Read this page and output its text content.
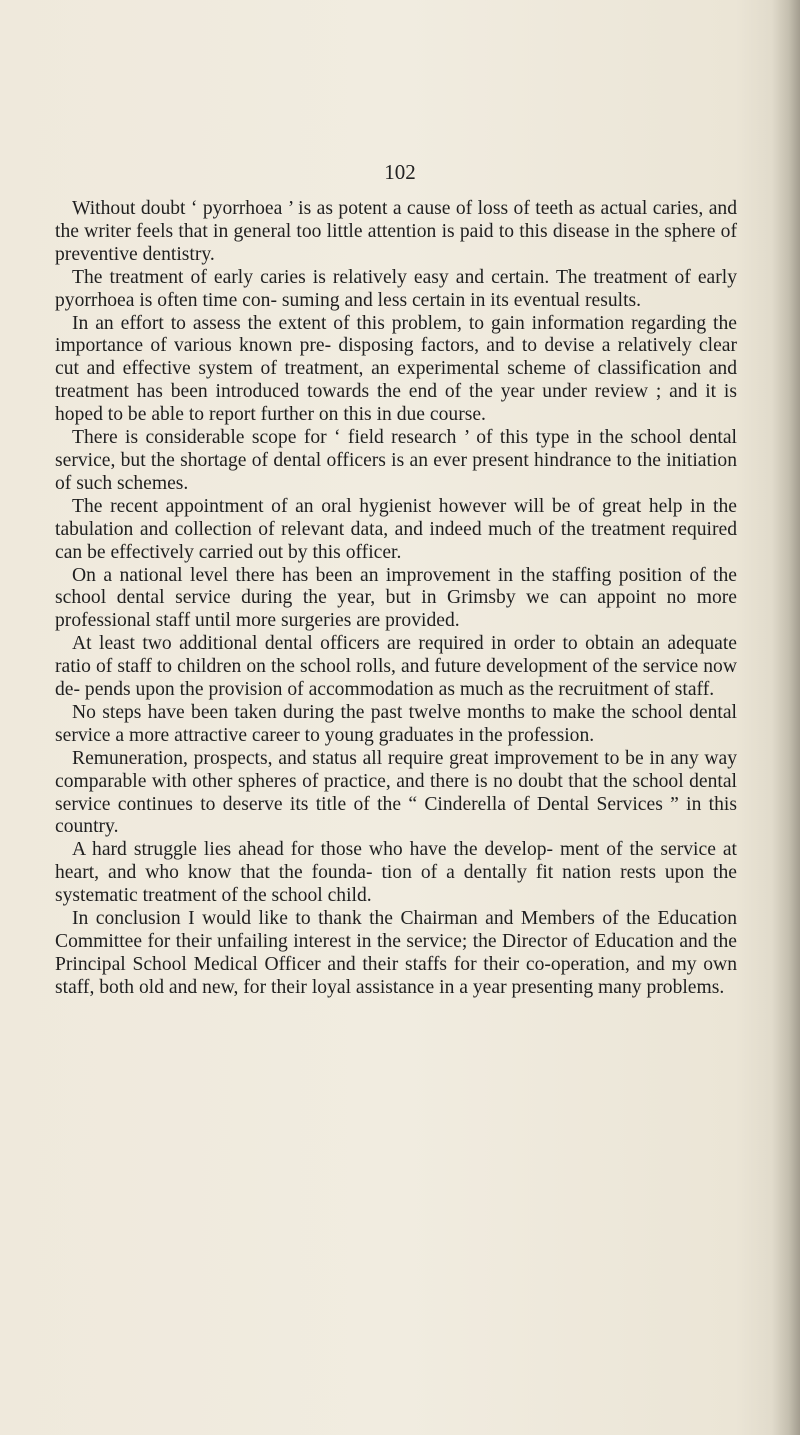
102

Without doubt ‘ pyorrhoea ’ is as potent a cause of loss of teeth as actual caries, and the writer feels that in general too little attention is paid to this disease in the sphere of preventive dentistry.

The treatment of early caries is relatively easy and certain. The treatment of early pyorrhoea is often time con- suming and less certain in its eventual results.

In an effort to assess the extent of this problem, to gain information regarding the importance of various known pre- disposing factors, and to devise a relatively clear cut and effective system of treatment, an experimental scheme of classification and treatment has been introduced towards the end of the year under review ; and it is hoped to be able to report further on this in due course.

There is considerable scope for ‘ field research ’ of this type in the school dental service, but the shortage of dental officers is an ever present hindrance to the initiation of such schemes.

The recent appointment of an oral hygienist however will be of great help in the tabulation and collection of relevant data, and indeed much of the treatment required can be effectively carried out by this officer.

On a national level there has been an improvement in the staffing position of the school dental service during the year, but in Grimsby we can appoint no more professional staff until more surgeries are provided.

At least two additional dental officers are required in order to obtain an adequate ratio of staff to children on the school rolls, and future development of the service now de- pends upon the provision of accommodation as much as the recruitment of staff.

No steps have been taken during the past twelve months to make the school dental service a more attractive career to young graduates in the profession.

Remuneration, prospects, and status all require great improvement to be in any way comparable with other spheres of practice, and there is no doubt that the school dental service continues to deserve its title of the “ Cinderella of Dental Services ” in this country.

A hard struggle lies ahead for those who have the develop- ment of the service at heart, and who know that the founda- tion of a dentally fit nation rests upon the systematic treatment of the school child.

In conclusion I would like to thank the Chairman and Members of the Education Committee for their unfailing interest in the service; the Director of Education and the Principal School Medical Officer and their staffs for their co-operation, and my own staff, both old and new, for their loyal assistance in a year presenting many problems.
